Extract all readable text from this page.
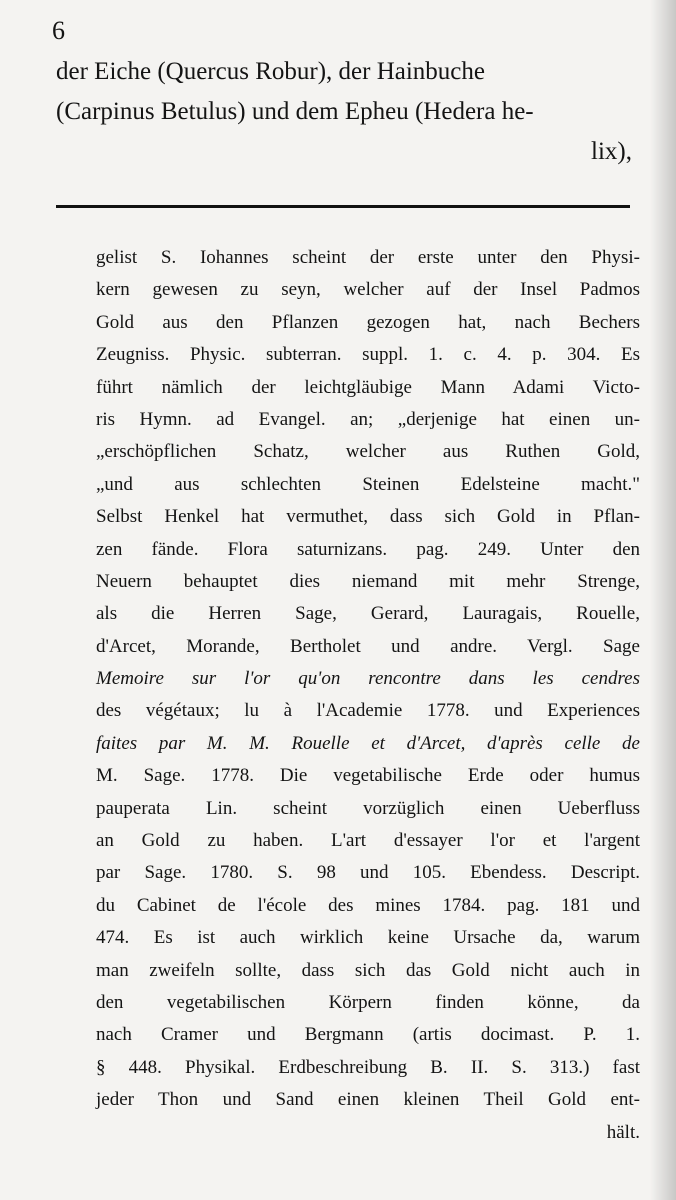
6
der Eiche (Quercus Robur), der Hainbuche
(Carpinus Betulus) und dem Epheu (Hedera he-
lix),
gelist S. Iohannes scheint der erste unter den Physi-
kern gewesen zu seyn, welcher auf der Insel Padmos
Gold aus den Pflanzen gezogen hat, nach Bechers
Zeugniss. Physic. subterran. suppl. 1. c. 4. p. 304. Es
führt nämlich der leichtgläubige Mann Adami Victo-
ris Hymn. ad Evangel. an; „derjenige hat einen un-
„erschöpflichen Schatz, welcher aus Ruthen Gold,
„und aus schlechten Steinen Edelsteine macht."
Selbst Henkel hat vermuthet, dass sich Gold in Pflan-
zen fände. Flora saturnizans. pag. 249. Unter den
Neuern behauptet dies niemand mit mehr Strenge,
als die Herren Sage, Gerard, Lauragais, Rouelle,
d'Arcet, Morande, Bertholet und andre. Vergl. Sage
Memoire sur l'or qu'on rencontre dans les cendres
des végétaux; lu à l'Academie 1778. und Experiences
faites par M. M. Rouelle et d'Arcet, d'après celle de
M. Sage. 1778. Die vegetabilische Erde oder humus
pauperata Lin. scheint vorzüglich einen Ueberfluss
an Gold zu haben. L'art d'essayer l'or et l'argent
par Sage. 1780. S. 98 und 105. Ebendess. Descript.
du Cabinet de l'école des mines 1784. pag. 181 und
474. Es ist auch wirklich keine Ursache da, warum
man zweifeln sollte, dass sich das Gold nicht auch in
den vegetabilischen Körpern finden könne, da
nach Cramer und Bergmann (artis docimast. P. 1.
§ 448. Physikal. Erdbeschreibung B. II. S. 313.) fast
jeder Thon und Sand einen kleinen Theil Gold ent-
hält.
